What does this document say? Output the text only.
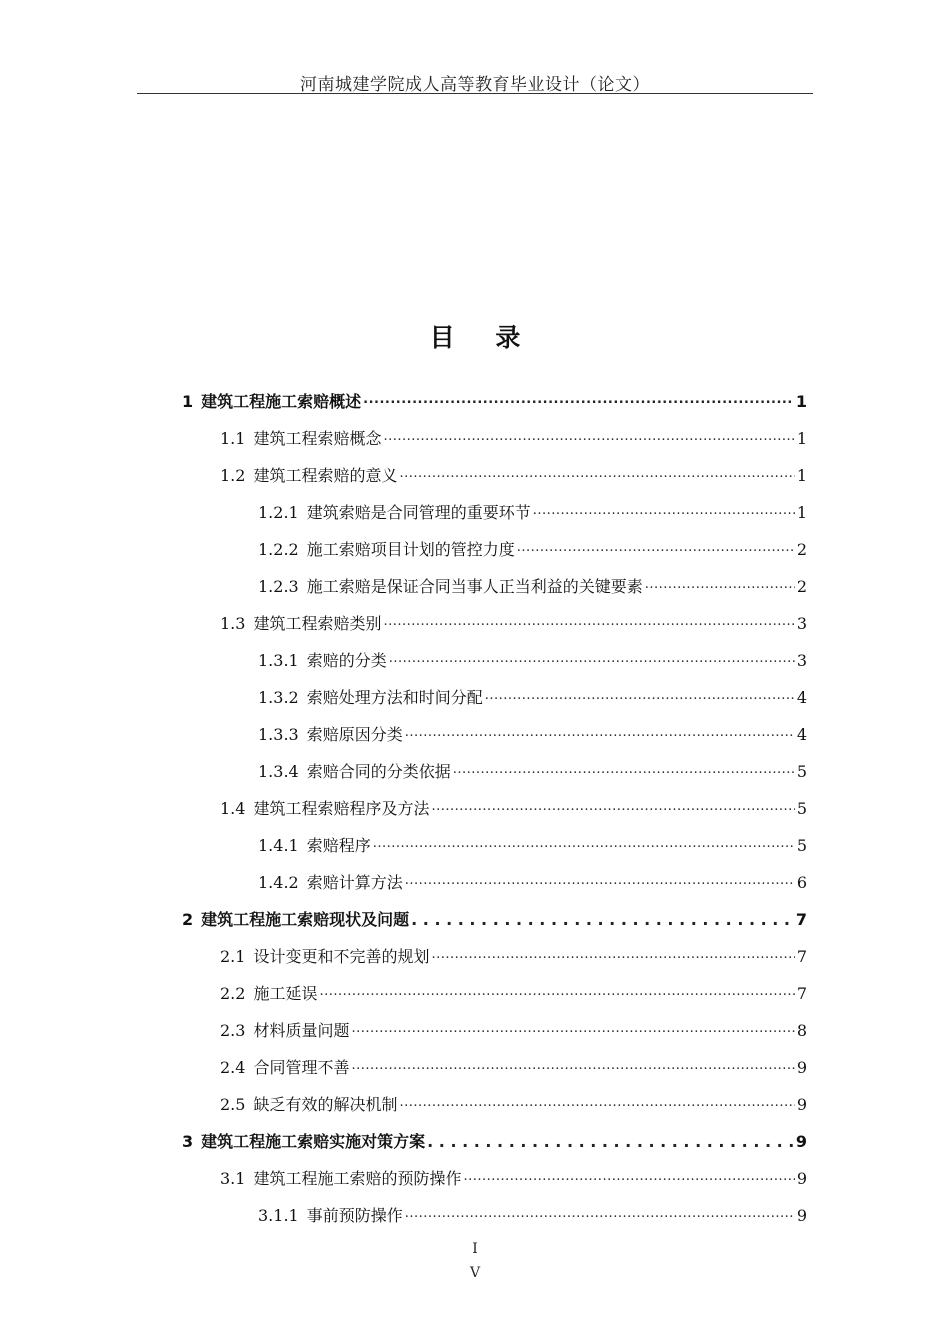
河南城建学院成人高等教育毕业设计（论文）
目 录
1 建筑工程施工索赔概述 .....	1
1.1 建筑工程索赔概念 .....	1
1.2 建筑工程索赔的意义 .....	1
1.2.1 建筑索赔是合同管理的重要环节 .....	1
1.2.2 施工索赔项目计划的管控力度 .....	2
1.2.3 施工索赔是保证合同当事人正当利益的关键要素 .....	2
1.3 建筑工程索赔类别 .....	3
1.3.1 索赔的分类 .....	3
1.3.2 索赔处理方法和时间分配 .....	4
1.3.3 索赔原因分类 .....	4
1.3.4 索赔合同的分类依据 .....	5
1.4 建筑工程索赔程序及方法 .....	5
1.4.1 索赔程序 .....	5
1.4.2 索赔计算方法 .....	6
2 建筑工程施工索赔现状及问题 . . .	7
2.1 设计变更和不完善的规划 .....	7
2.2 施工延误 .....	7
2.3 材料质量问题 .....	8
2.4 合同管理不善 .....	9
2.5 缺乏有效的解决机制 .....	9
3 建筑工程施工索赔实施对策方案 . . .	9
3.1 建筑工程施工索赔的预防操作 .....	9
3.1.1 事前预防操作 .....	9
I
V
